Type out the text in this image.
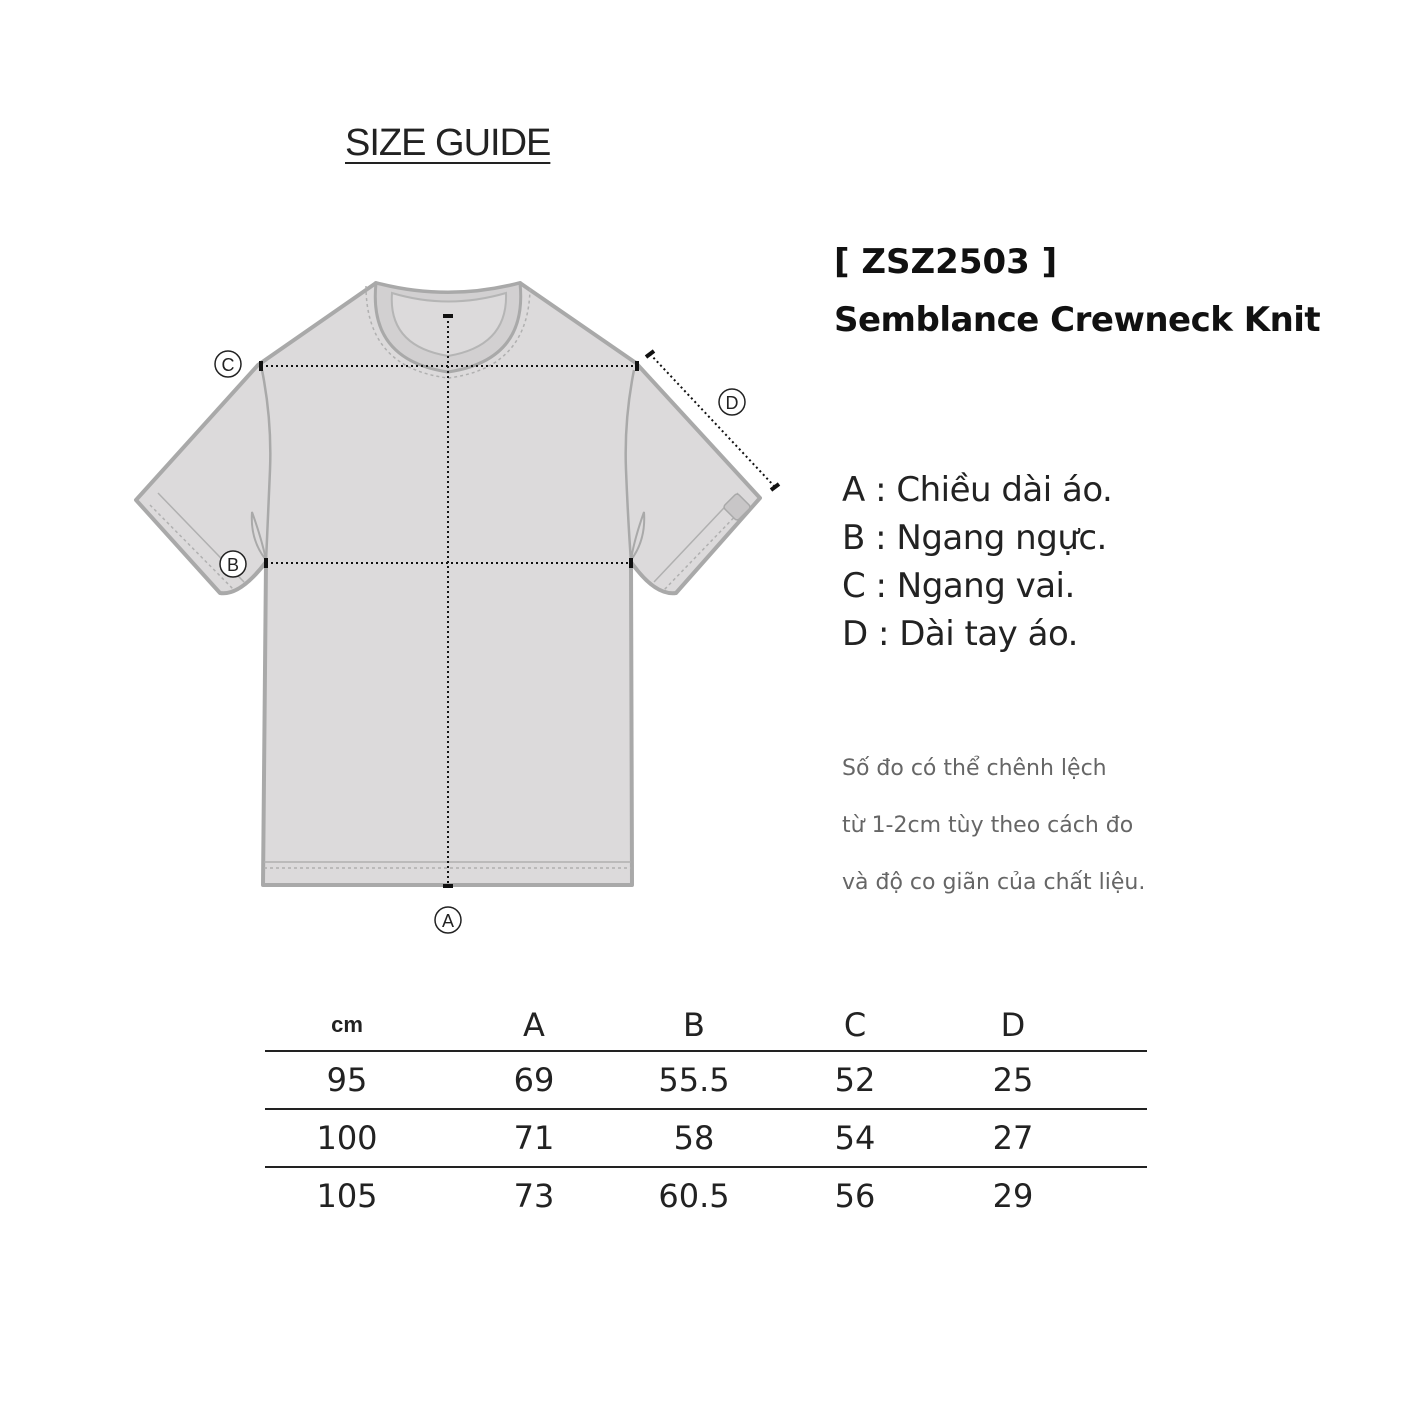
SIZE GUIDE
A
B
C
D
[ ZSZ2503 ]
Semblance Crewneck Knit
A : Chiều dài áo.
B : Ngang ngực.
C : Ngang vai.
D : Dài tay áo.
Số đo có thể chênh lệch
từ 1-2cm tùy theo cách đo
và độ co giãn của chất liệu.
cm	A	B	C	D	
95	69	55.5	52	25	
100	71	58	54	27	
105	73	60.5	56	29	
